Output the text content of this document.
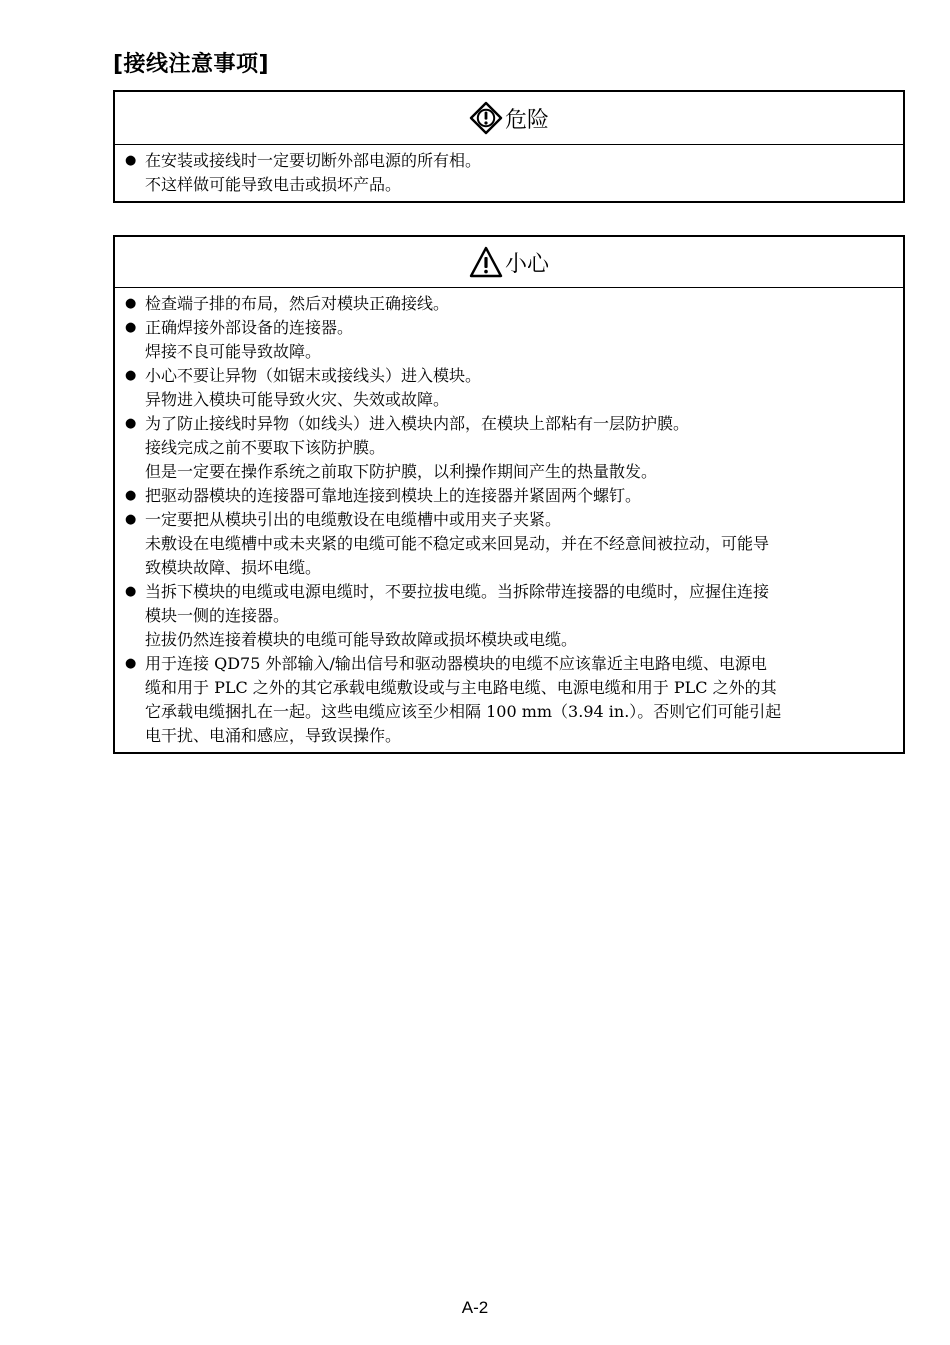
[接线注意事项]
危险
● 在安装或接线时一定要切断外部电源的所有相。
不这样做可能导致电击或损坏产品。
小心
● 检查端子排的布局，然后对模块正确接线。
● 正确焊接外部设备的连接器。
焊接不良可能导致故障。
● 小心不要让异物（如锯末或接线头）进入模块。
异物进入模块可能导致火灾、失效或故障。
● 为了防止接线时异物（如线头）进入模块内部，在模块上部粘有一层防护膜。
接线完成之前不要取下该防护膜。
但是一定要在操作系统之前取下防护膜，以利操作期间产生的热量散发。
● 把驱动器模块的连接器可靠地连接到模块上的连接器并紧固两个螺钉。
● 一定要把从模块引出的电缆敷设在电缆槽中或用夹子夹紧。
未敷设在电缆槽中或未夹紧的电缆可能不稳定或来回晃动，并在不经意间被拉动，可能导
致模块故障、损坏电缆。
● 当拆下模块的电缆或电源电缆时，不要拉拔电缆。当拆除带连接器的电缆时，应握住连接
模块一侧的连接器。
拉拔仍然连接着模块的电缆可能导致故障或损坏模块或电缆。
● 用于连接 QD75 外部输入/输出信号和驱动器模块的电缆不应该靠近主电路电缆、电源电
缆和用于 PLC 之外的其它承载电缆敷设或与主电路电缆、电源电缆和用于 PLC 之外的其
它承载电缆捆扎在一起。这些电缆应该至少相隔 100 mm（3.94 in.）。否则它们可能引起
电干扰、电涌和感应，导致误操作。
A-2
